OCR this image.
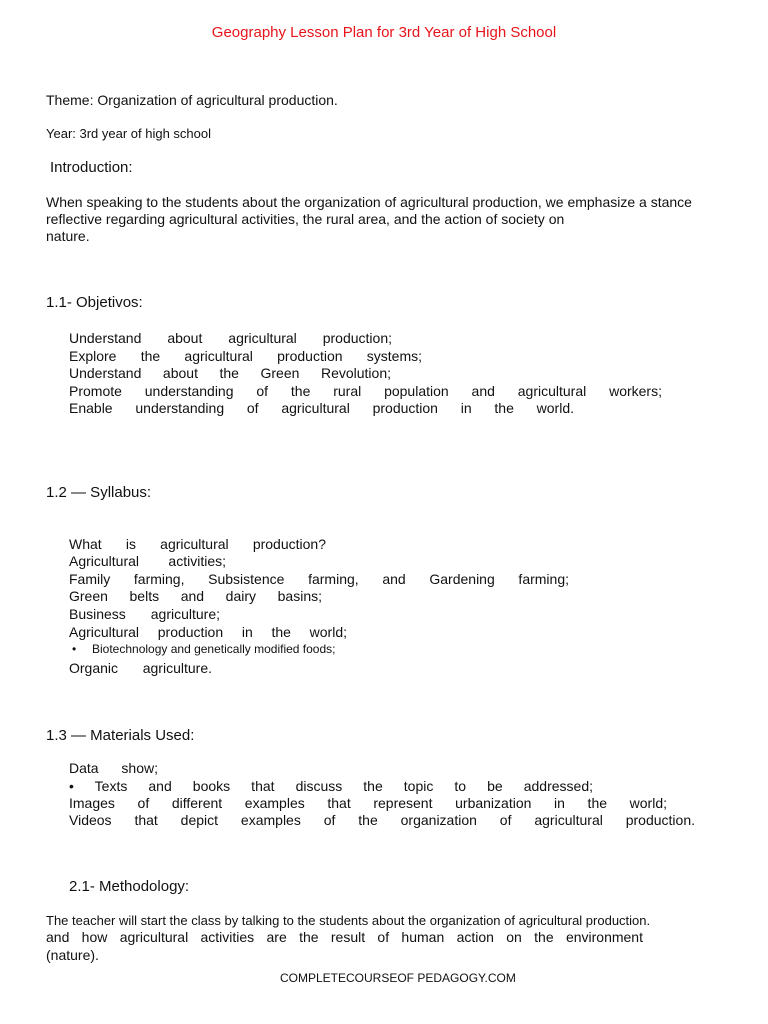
Geography Lesson Plan for 3rd Year of High School

Theme: Organization of agricultural production.

Year: 3rd year of high school

Introduction:

When speaking to the students about the organization of agricultural production, we emphasize a stance

reflective regarding agricultural activities, the rural area, and the action of society on

nature.

1.1- Objetivos:

Understand about agricultural production;

Explore the agricultural production systems;

Understand about the Green Revolution;

Promote understanding of the rural population and agricultural workers;

Enable understanding of agricultural production in the world.

1.2 — Syllabus:

What is agricultural production?

Agricultural activities;

Family farming, Subsistence farming, and Gardening farming;

Green belts and dairy basins;

Business agriculture;

Agricultural production in the world;

• Biotechnology and genetically modified foods;

Organic agriculture.

1.3 — Materials Used:

Data show;

• Texts and books that discuss the topic to be addressed;

Images of different examples that represent urbanization in the world;

Videos that depict examples of the organization of agricultural production.

2.1- Methodology:

The teacher will start the class by talking to the students about the organization of agricultural production.

and how agricultural activities are the result of human action on the environment

(nature).

COMPLETECOURSEOF PEDAGOGY.COM
